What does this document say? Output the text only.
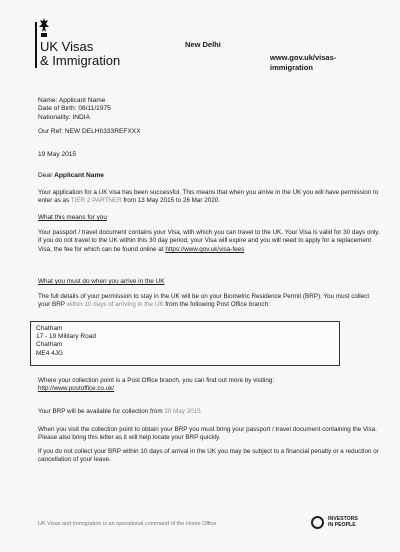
UK Visas
& Immigration
New Delhi
www.gov.uk/visas-
immigration
Name: Applicant Name
Date of Birth: 08/11/1975
Nationality: INDIA
Our Ref: NEW DELHI\333REFXXX
19 May 2015
Dear Applicant Name
Your application for a UK visa has been successful. This means that when you arrive in the UK you will have permission to enter as as TIER 2 PARTNER from 13 May 2015 to 26 Mar 2020.
What this means for you
Your passport / travel document contains your Visa, with which you can travel to the UK. Your Visa is valid for 30 days only. If you do not travel to the UK within this 30 day period, your Visa will expire and you will need to apply for a replacement Visa, the fee for which can be found online at https://www.gov.uk/visa-fees
What you must do when you arrive in the UK
The full details of your permission to stay in the UK will be on your Biometric Residence Permit (BRP). You must collect your BRP within 10 days of arriving in the UK from the following Post Office branch:
Chatham
17 - 19 Military Road
Chatham
ME4 4JG
Where your collection point is a Post Office branch, you can find out more by visiting:
http://www.postoffice.co.uk/
Your BRP will be available for collection from 20 May 2015
When you visit the collection point to obtain your BRP you must bring your passport / travel document containing the Visa. Please also bring this letter as it will help locate your BRP quickly.
If you do not collect your BRP within 10 days of arrival in the UK you may be subject to a financial penalty or a reduction or cancellation of your leave.
UK Visas and Immigration is an operational command of the Home Office
INVESTORS
IN PEOPLE
